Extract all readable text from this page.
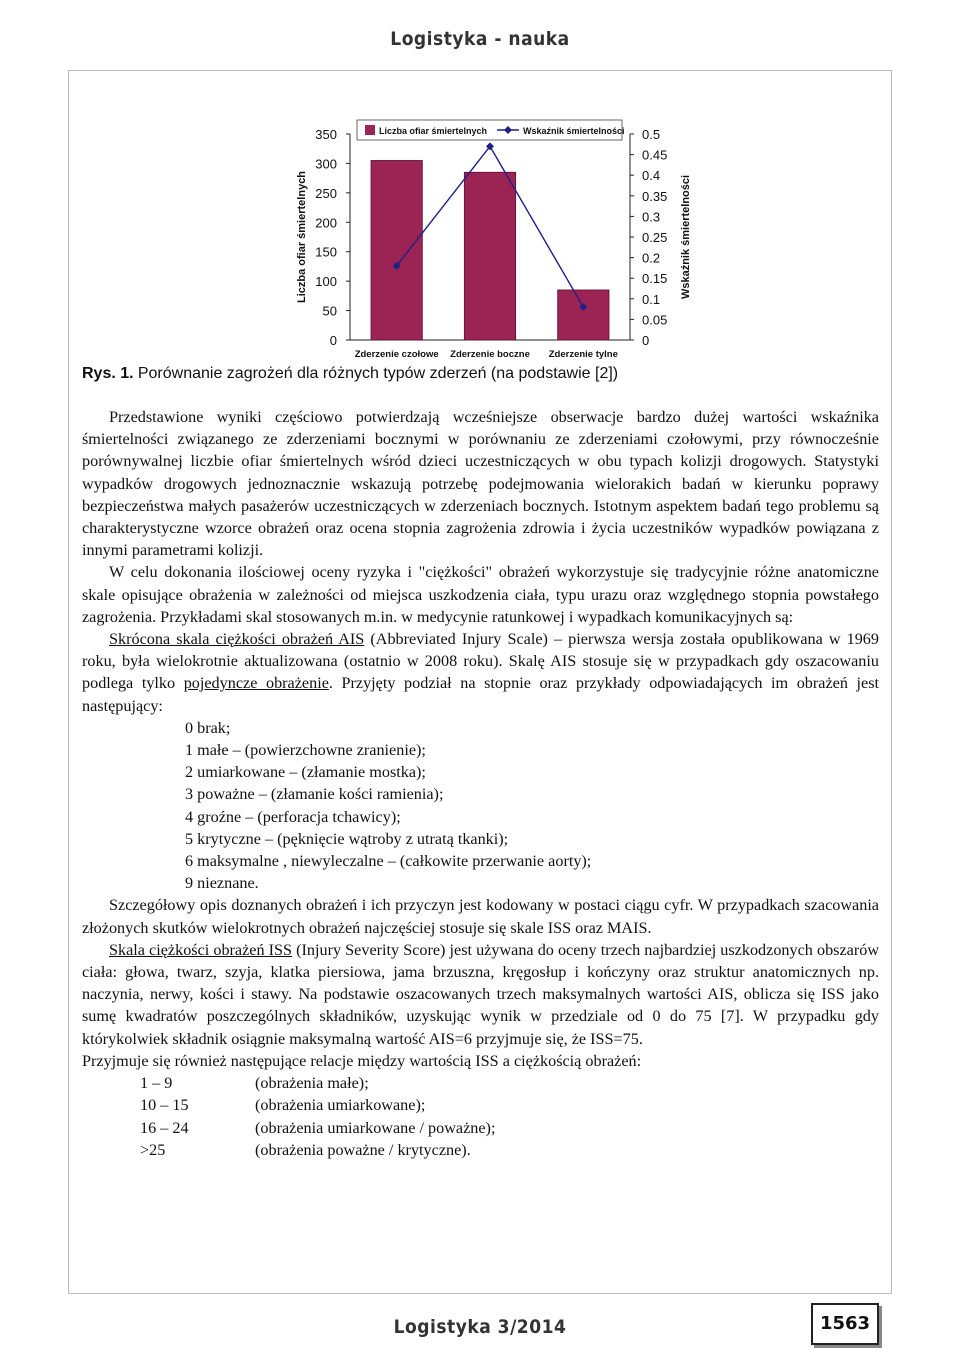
Logistyka - nauka
0
50
100
150
200
250
300
350
0
0.05
0.1
0.15
0.2
0.25
0.3
0.35
0.4
0.45
0.5
Liczba ofiar śmiertelnych	Wskaźnik śmiertelności
Zderzenie czołowe Zderzenie boczne Zderzenie tylne
Liczba ofiar śmiertelnych	Wskaźnik śmiertelności
Rys. 1. Porównanie zagrożeń dla różnych typów zderzeń (na podstawie [2])

Przedstawione wyniki częściowo potwierdzają wcześniejsze obserwacje bardzo dużej wartości wskaźnika śmiertelności związanego ze zderzeniami bocznymi w porównaniu ze zderzeniami czołowymi, przy równocześnie porównywalnej liczbie ofiar śmiertelnych wśród dzieci uczestniczących w obu typach kolizji drogowych. Statystyki wypadków drogowych jednoznacznie wskazują potrzebę podejmowania wielorakich badań w kierunku poprawy bezpieczeństwa małych pasażerów uczestniczących w zderzeniach bocznych. Istotnym aspektem badań tego problemu są charakterystyczne wzorce obrażeń oraz ocena stopnia zagrożenia zdrowia i życia uczestników wypadków powiązana z innymi parametrami kolizji.

W celu dokonania ilościowej oceny ryzyka i "ciężkości" obrażeń wykorzystuje się tradycyjnie różne anatomiczne skale opisujące obrażenia w zależności od miejsca uszkodzenia ciała, typu urazu oraz względnego stopnia powstałego zagrożenia. Przykładami skal stosowanych m.in. w medycynie ratunkowej i wypadkach komunikacyjnych są:

Skrócona skala ciężkości obrażeń AIS (Abbreviated Injury Scale) – pierwsza wersja została opublikowana w 1969 roku, była wielokrotnie aktualizowana (ostatnio w 2008 roku). Skalę AIS stosuje się w przypadkach gdy oszacowaniu podlega tylko pojedyncze obrażenie. Przyjęty podział na stopnie oraz przykłady odpowiadających im obrażeń jest następujący:

0 brak;
1 małe – (powierzchowne zranienie);
2 umiarkowane – (złamanie mostka);
3 poważne – (złamanie kości ramienia);
4 groźne – (perforacja tchawicy);
5 krytyczne – (pęknięcie wątroby z utratą tkanki);
6 maksymalne , niewyleczalne – (całkowite przerwanie aorty);
9 nieznane.

Szczegółowy opis doznanych obrażeń i ich przyczyn jest kodowany w postaci ciągu cyfr. W przypadkach szacowania złożonych skutków wielokrotnych obrażeń najczęściej stosuje się skale ISS oraz MAIS.

Skala ciężkości obrażeń ISS (Injury Severity Score) jest używana do oceny trzech najbardziej uszkodzonych obszarów ciała: głowa, twarz, szyja, klatka piersiowa, jama brzuszna, kręgosłup i kończyny oraz struktur anatomicznych np. naczynia, nerwy, kości i stawy. Na podstawie oszacowanych trzech maksymalnych wartości AIS, oblicza się ISS jako sumę kwadratów poszczególnych składników, uzyskując wynik w przedziale od 0 do 75 [7]. W przypadku gdy którykolwiek składnik osiągnie maksymalną wartość AIS=6 przyjmuje się, że ISS=75.

Przyjmuje się również następujące relacje między wartością ISS a ciężkością obrażeń:

1 – 9	(obrażenia małe);
10 – 15	(obrażenia umiarkowane);
16 – 24	(obrażenia umiarkowane / poważne);
>25	(obrażenia poważne / krytyczne).
Logistyka 3/2014	1563
